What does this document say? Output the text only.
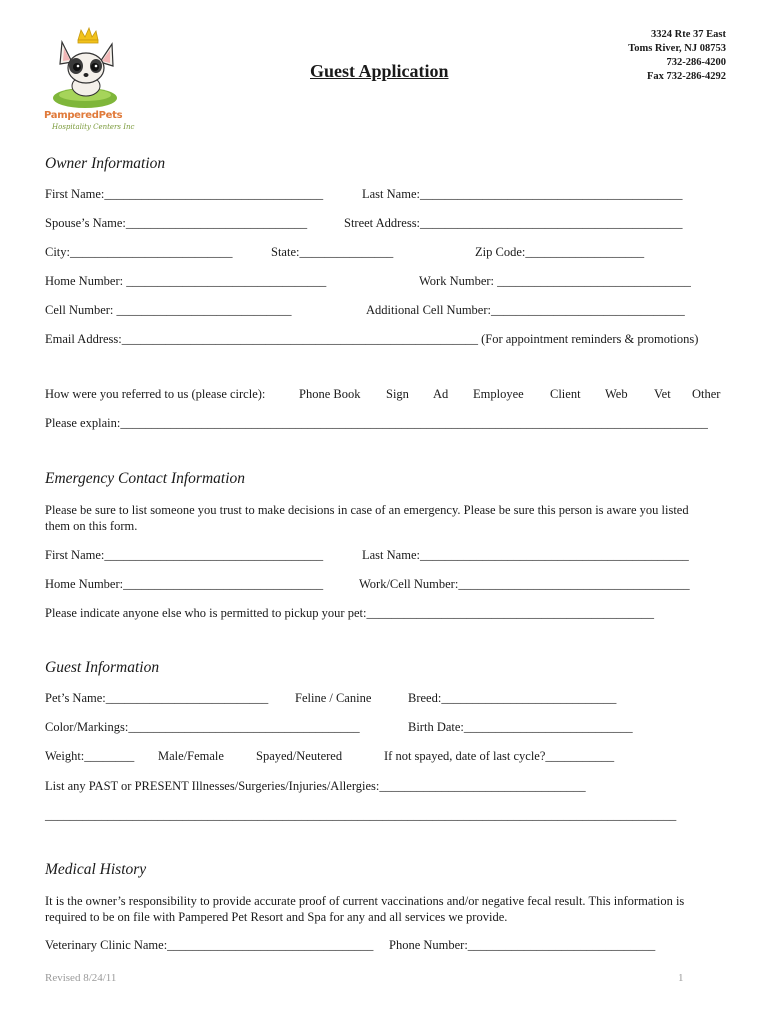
PamperedPets
Hospitality Centers Inc
Guest Application
3324 Rte 37 East
Toms River, NJ 08753
732-286-4200
Fax 732-286-4292
Owner Information
First Name:___________________________________	Last Name:__________________________________________
Spouse’s Name:_____________________________	Street Address:__________________________________________
City:__________________________	State:_______________	Zip Code:___________________
Home Number: ________________________________	Work Number: _______________________________
Cell Number: ____________________________	Additional Cell Number:_______________________________
Email Address:_________________________________________________________ (For appointment reminders & promotions)
How were you referred to us (please circle):	Phone Book Sign Ad Employee Client Web Vet Other
Please explain:______________________________________________________________________________________________
Emergency Contact Information
Please be sure to list someone you trust to make decisions in case of an emergency. Please be sure this person is aware you listed them on this form.
First Name:___________________________________	Last Name:___________________________________________
Home Number:________________________________	Work/Cell Number:_____________________________________
Please indicate anyone else who is permitted to pickup your pet:______________________________________________
Guest Information
Pet’s Name:__________________________ Feline / Canine	Breed:____________________________
Color/Markings:_____________________________________	Birth Date:___________________________
Weight:________ Male/Female	Spayed/Neutered	If not spayed, date of last cycle?___________
List any PAST or PRESENT Illnesses/Surgeries/Injuries/Allergies:_________________________________
_____________________________________________________________________________________________________
Medical History
It is the owner’s responsibility to provide accurate proof of current vaccinations and/or negative fecal result. This information is required to be on file with Pampered Pet Resort and Spa for any and all services we provide.
Veterinary Clinic Name:_________________________________ Phone Number:______________________________
Revised 8/24/11	1
